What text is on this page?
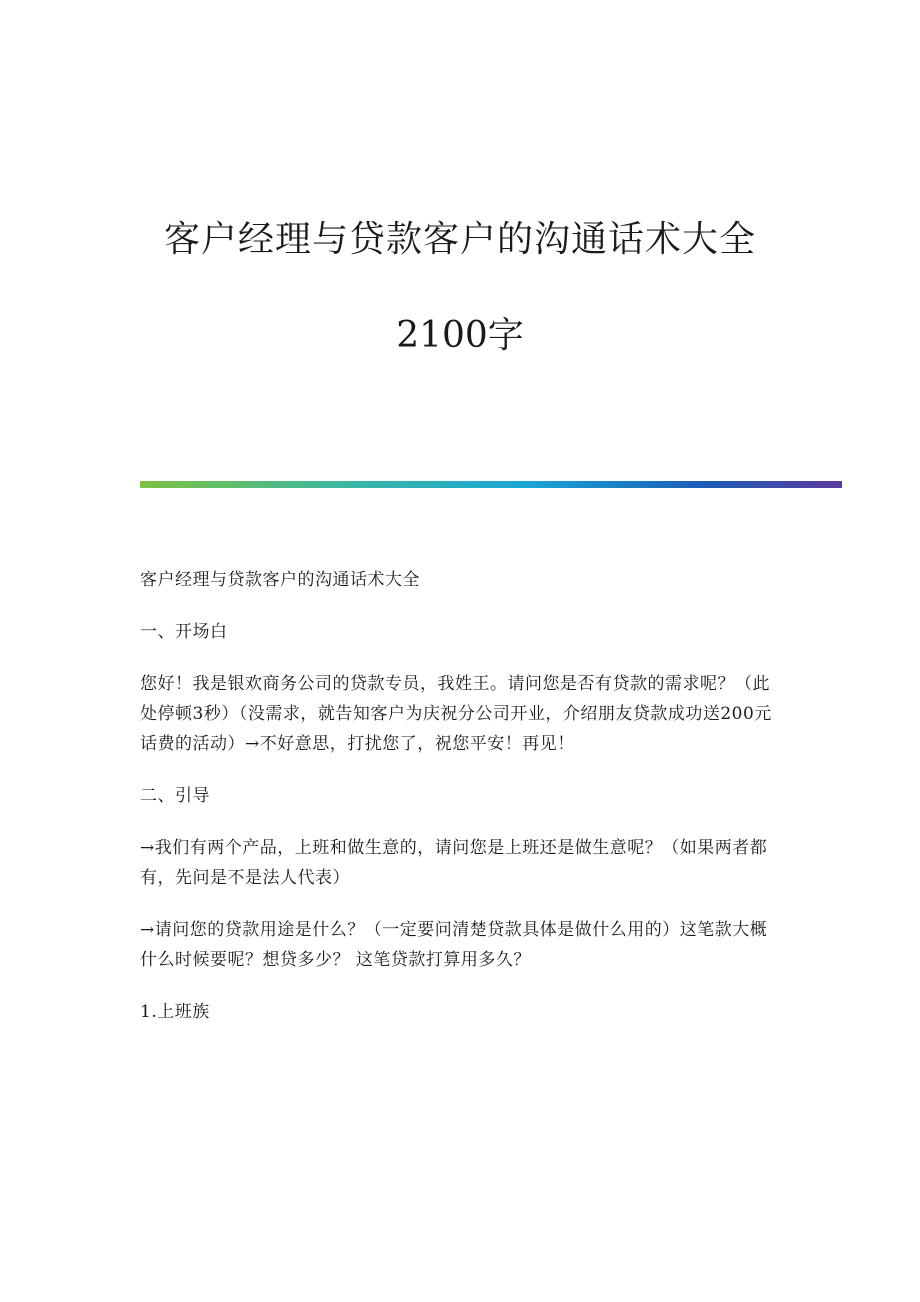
客户经理与贷款客户的沟通话术大全
2100字

客户经理与贷款客户的沟通话术大全

一、开场白

您好！我是银欢商务公司的贷款专员，我姓王。请问您是否有贷款的需求呢？（此处停顿3秒）（没需求，就告知客户为庆祝分公司开业，介绍朋友贷款成功送200元话费的活动）→不好意思，打扰您了，祝您平安！再见！

二、引导

→我们有两个产品，上班和做生意的，请问您是上班还是做生意呢？（如果两者都有，先问是不是法人代表）

→请问您的贷款用途是什么？（一定要问清楚贷款具体是做什么用的）这笔款大概什么时候要呢？想贷多少？ 这笔贷款打算用多久？

1.上班族
